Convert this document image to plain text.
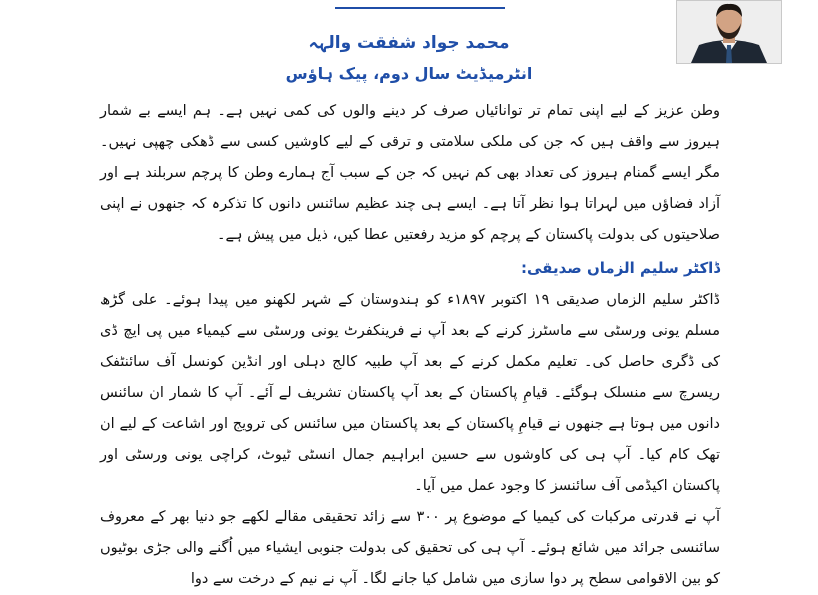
محمد جواد شفقت والہہ
انٹرمیڈیٹ سال دوم، پیک ہاؤس

وطن عزیز کے لیے اپنی تمام تر توانائیاں صرف کر دینے والوں کی کمی نہیں ہے۔ ہم ایسے بے شمار ہیروز سے واقف ہیں کہ جن کی ملکی سلامتی و ترقی کے لیے کاوشیں کسی سے ڈھکی چھپی نہیں۔ مگر ایسے گمنام ہیروز کی تعداد بھی کم نہیں کہ جن کے سبب آج ہمارے وطن کا پرچم سربلند ہے اور آزاد فضاؤں میں لہراتا ہوا نظر آتا ہے۔ ایسے ہی چند عظیم سائنس دانوں کا تذکرہ کہ جنھوں نے اپنی صلاحیتوں کی بدولت پاکستان کے پرچم کو مزید رفعتیں عطا کیں، ذیل میں پیش ہے۔

ڈاکٹر سلیم الزماں صدیقی:

ڈاکٹر سلیم الزماں صدیقی ۱۹ اکتوبر ۱۸۹۷ء کو ہندوستان کے شہر لکھنو میں پیدا ہوئے۔ علی گڑھ مسلم یونی ورسٹی سے ماسٹرز کرنے کے بعد آپ نے فرینکفرٹ یونی ورسٹی سے کیمیاء میں پی ایچ ڈی کی ڈگری حاصل کی۔ تعلیم مکمل کرنے کے بعد آپ طبیہ کالج دہلی اور انڈین کونسل آف سائنٹفک ریسرچ سے منسلک ہوگئے۔ قیامِ پاکستان کے بعد آپ پاکستان تشریف لے آئے۔ آپ کا شمار ان سائنس دانوں میں ہوتا ہے جنھوں نے قیامِ پاکستان کے بعد پاکستان میں سائنس کی ترویج اور اشاعت کے لیے ان تھک کام کیا۔ آپ ہی کی کاوشوں سے حسین ابراہیم جمال انسٹی ٹیوٹ، کراچی یونی ورسٹی اور پاکستان اکیڈمی آف سائنسز کا وجود عمل میں آیا۔

آپ نے قدرتی مرکبات کی کیمیا کے موضوع پر ۳۰۰ سے زائد تحقیقی مقالے لکھے جو دنیا بھر کے معروف سائنسی جرائد میں شائع ہوئے۔ آپ ہی کی تحقیق کی بدولت جنوبی ایشیاء میں اُگنے والی جڑی بوٹیوں کو بین الاقوامی سطح پر دوا سازی میں شامل کیا جانے لگا۔ آپ نے نیم کے درخت سے دوا
